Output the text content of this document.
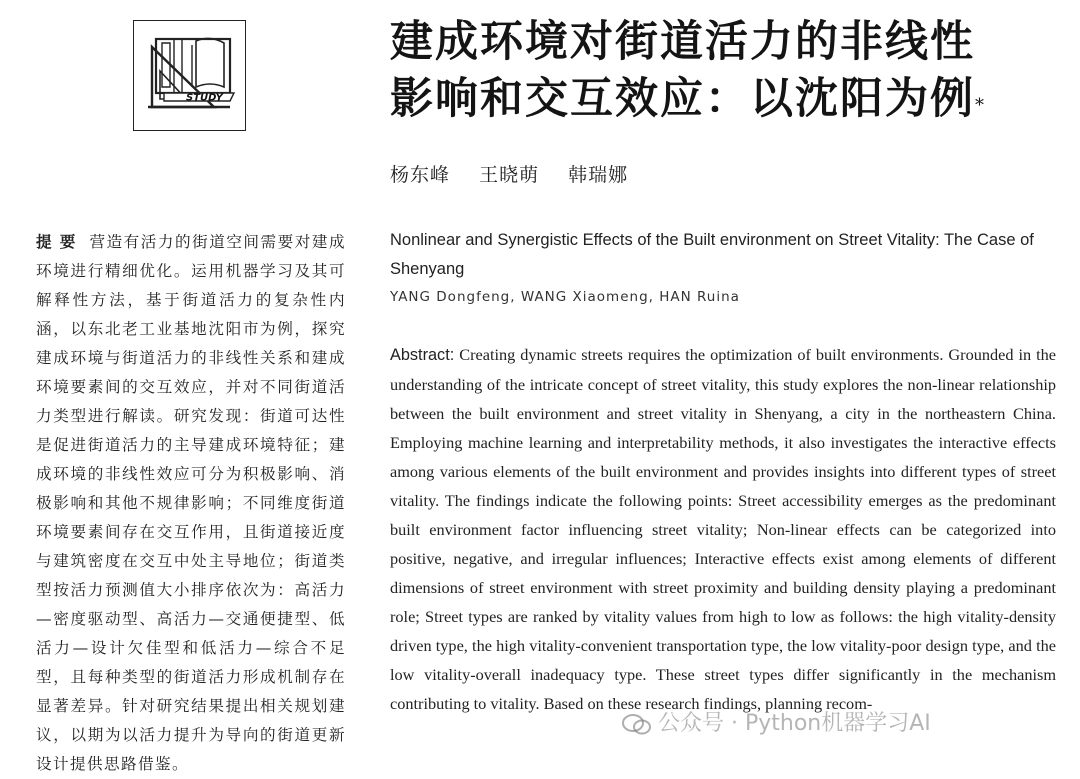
STUDY
建成环境对街道活力的非线性
影响和交互效应：以沈阳为例*
杨东峰 王晓萌 韩瑞娜
提要 营造有活力的街道空间需要对建成环境进行精细优化。运用机器学习及其可解释性方法，基于街道活力的复杂性内涵，以东北老工业基地沈阳市为例，探究建成环境与街道活力的非线性关系和建成环境要素间的交互效应，并对不同街道活力类型进行解读。研究发现：街道可达性是促进街道活力的主导建成环境特征；建成环境的非线性效应可分为积极影响、消极影响和其他不规律影响；不同维度街道环境要素间存在交互作用，且街道接近度与建筑密度在交互中处主导地位；街道类型按活力预测值大小排序依次为：高活力—密度驱动型、高活力—交通便捷型、低活力—设计欠佳型和低活力—综合不足型，且每种类型的街道活力形成机制存在显著差异。针对研究结果提出相关规划建议，以期为以活力提升为导向的街道更新设计提供思路借鉴。
Nonlinear and Synergistic Effects of the Built environment on Street Vitality: The Case of Shenyang
YANG Dongfeng, WANG Xiaomeng, HAN Ruina
Abstract: Creating dynamic streets requires the optimization of built environments. Grounded in the understanding of the intricate concept of street vitality, this study explores the non-linear relationship between the built environment and street vitality in Shenyang, a city in the northeastern China. Employing machine learning and interpretability methods, it also investigates the interactive effects among various elements of the built environment and provides insights into different types of street vitality. The findings indicate the following points: Street accessibility emerges as the predominant built environment factor influencing street vitality; Non-linear effects can be categorized into positive, negative, and irregular influences; Interactive effects exist among elements of different dimensions of street environment with street proximity and building density playing a predominant role; Street types are ranked by vitality values from high to low as follows: the high vitality-density driven type, the high vitality-convenient transportation type, the low vitality-poor design type, and the low vitality-overall inadequacy type. These street types differ significantly in the mechanism contributing to vitality. Based on these research findings, planning recom-
公众号 · Python机器学习AI
